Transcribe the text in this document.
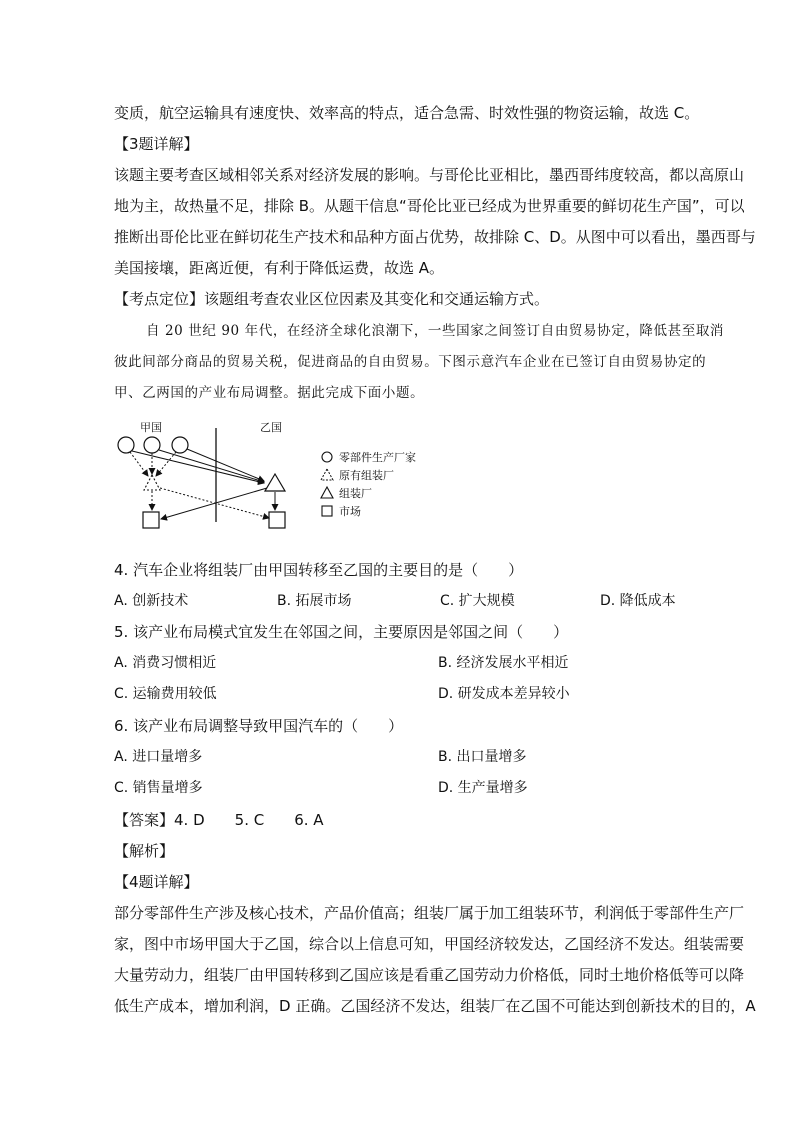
变质，航空运输具有速度快、效率高的特点，适合急需、时效性强的物资运输，故选 C。
【3题详解】
该题主要考查区域相邻关系对经济发展的影响。与哥伦比亚相比，墨西哥纬度较高，都以高原山
地为主，故热量不足，排除 B。从题干信息“哥伦比亚已经成为世界重要的鲜切花生产国”，可以
推断出哥伦比亚在鲜切花生产技术和品种方面占优势，故排除 C、D。从图中可以看出，墨西哥与
美国接壤，距离近便，有利于降低运费，故选 A。
【考点定位】该题组考查农业区位因素及其变化和交通运输方式。
自 20 世纪 90 年代，在经济全球化浪潮下，一些国家之间签订自由贸易协定，降低甚至取消
彼此间部分商品的贸易关税，促进商品的自由贸易。下图示意汽车企业在已签订自由贸易协定的
甲、乙两国的产业布局调整。据此完成下面小题。
甲国	乙国
零部件生产厂家
原有组装厂
组装厂
市场
4. 汽车企业将组装厂由甲国转移至乙国的主要目的是（　　）
A. 创新技术	B. 拓展市场	C. 扩大规模	D. 降低成本
5. 该产业布局模式宜发生在邻国之间，主要原因是邻国之间（　　）
A. 消费习惯相近	B. 经济发展水平相近
C. 运输费用较低	D. 研发成本差异较小
6. 该产业布局调整导致甲国汽车的（　　）
A. 进口量增多	B. 出口量增多
C. 销售量增多	D. 生产量增多
【答案】4. D 5. C 6. A
【解析】
【4题详解】
部分零部件生产涉及核心技术，产品价值高；组装厂属于加工组装环节，利润低于零部件生产厂
家，图中市场甲国大于乙国，综合以上信息可知，甲国经济较发达，乙国经济不发达。组装需要
大量劳动力，组装厂由甲国转移到乙国应该是看重乙国劳动力价格低，同时土地价格低等可以降
低生产成本，增加利润，D 正确。乙国经济不发达，组装厂在乙国不可能达到创新技术的目的，A
